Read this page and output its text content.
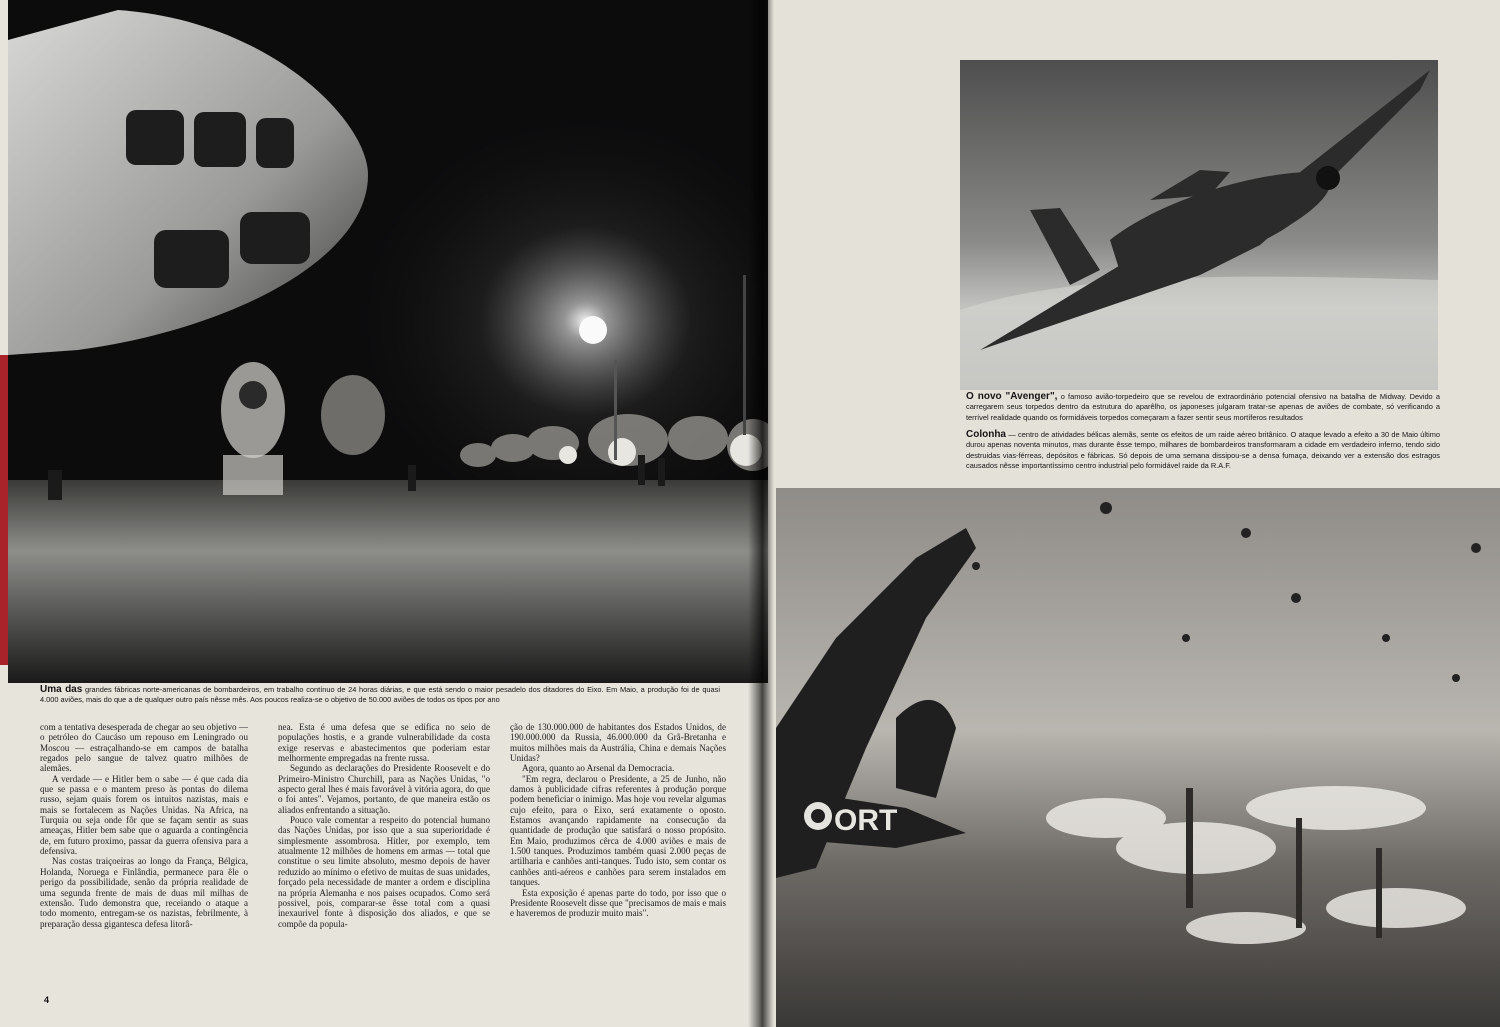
ORT
Uma das grandes fábricas norte-americanas de bombardeiros, em trabalho contínuo de 24 horas diárias, e que está sendo o maior pesadelo dos ditadores do Eixo. Em Maio, a produção foi de quasi 4.000 aviões, mais do que a de qualquer outro país nêsse mês. Aos poucos realiza-se o objetivo de 50.000 aviões de todos os tipos por ano
O novo "Avenger", o famoso avião-torpedeiro que se revelou de extraordinário potencial ofensivo na batalha de Midway. Devido a carregarem seus torpedos dentro da estrutura do aparêlho, os japoneses julgaram tratar-se apenas de aviões de combate, só verificando a terrível realidade quando os formidáveis torpedos começaram a fazer sentir seus mortíferos resultados
Colonha — centro de atividades bélicas alemãs, sente os efeitos de um raide aéreo britânico. O ataque levado a efeito a 30 de Maio último durou apenas noventa minutos, mas durante êsse tempo, milhares de bombardeiros transformaram a cidade em verdadeiro inferno, tendo sido destruidas vias-férreas, depósitos e fábricas. Só depois de uma semana dissipou-se a densa fumaça, deixando ver a extensão dos estragos causados nêsse importantíssimo centro industrial pelo formidável raide da R.A.F.

com a tentativa desesperada de chegar ao seu objetivo — o petróleo do Caucáso um repouso em Leningrado ou Moscou — estraçalhando-se em campos de batalha regados pelo sangue de talvez quatro milhões de alemães.

A verdade — e Hitler bem o sabe — é que cada dia que se passa e o mantem preso às pontas do dilema russo, sejam quais forem os intuitos nazistas, mais e mais se fortalecem as Nações Unidas. Na Africa, na Turquia ou seja onde fôr que se façam sentir as suas ameaças, Hitler bem sabe que o aguarda a contingência de, em futuro proximo, passar da guerra ofensiva para a defensiva.

Nas costas traiçoeiras ao longo da França, Bélgica, Holanda, Noruega e Finlândia, permanece para êle o perigo da possibilidade, senão da própria realidade de uma segunda frente de mais de duas mil milhas de extensão. Tudo demonstra que, receiando o ataque a todo momento, entregam-se os nazistas, febrilmente, à preparação dessa gigantesca defesa litorâ-

nea. Esta é uma defesa que se edifica no seio de populações hostis, e a grande vulnerabilidade da costa exige reservas e abastecimentos que poderiam estar melhormente empregadas na frente russa.

Segundo as declarações do Presidente Roosevelt e do Primeiro-Ministro Churchill, para as Nações Unidas, "o aspecto geral lhes é mais favorável à vitória agora, do que o foi antes". Vejamos, portanto, de que maneira estão os aliados enfrentando a situação.

Pouco vale comentar a respeito do potencial humano das Nações Unidas, por isso que a sua superioridade é simplesmente assombrosa. Hitler, por exemplo, tem atualmente 12 milhões de homens em armas — total que constitue o seu limite absoluto, mesmo depois de haver reduzido ao mínimo o efetivo de muitas de suas unidades, forçado pela necessidade de manter a ordem e disciplina na própria Alemanha e nos paises ocupados. Como será possivel, pois, comparar-se êsse total com a quasi inexaurivel fonte à disposição dos aliados, e que se compõe da popula-

ção de 130.000.000 de habitantes dos Estados Unidos, de 190.000.000 da Russia, 46.000.000 da Grã-Bretanha e muitos milhões mais da Austrália, China e demais Nações Unidas?

Agora, quanto ao Arsenal da Democracia.

"Em regra, declarou o Presidente, a 25 de Junho, não damos à publicidade cifras referentes à produção porque podem beneficiar o inimigo. Mas hoje vou revelar algumas cujo efeito, para o Eixo, será exatamente o oposto. Estamos avançando rapidamente na consecução da quantidade de produção que satisfará o nosso propósito. Em Maio, produzimos cêrca de 4.000 aviões e mais de 1.500 tanques. Produzimos também quasi 2.000 peças de artilharia e canhões anti-tanques. Tudo isto, sem contar os canhões anti-aéreos e canhões para serem instalados em tanques.

Esta exposição é apenas parte do todo, por isso que o Presidente Roosevelt disse que "precisamos de mais e mais e haveremos de produzir muito mais".

4
